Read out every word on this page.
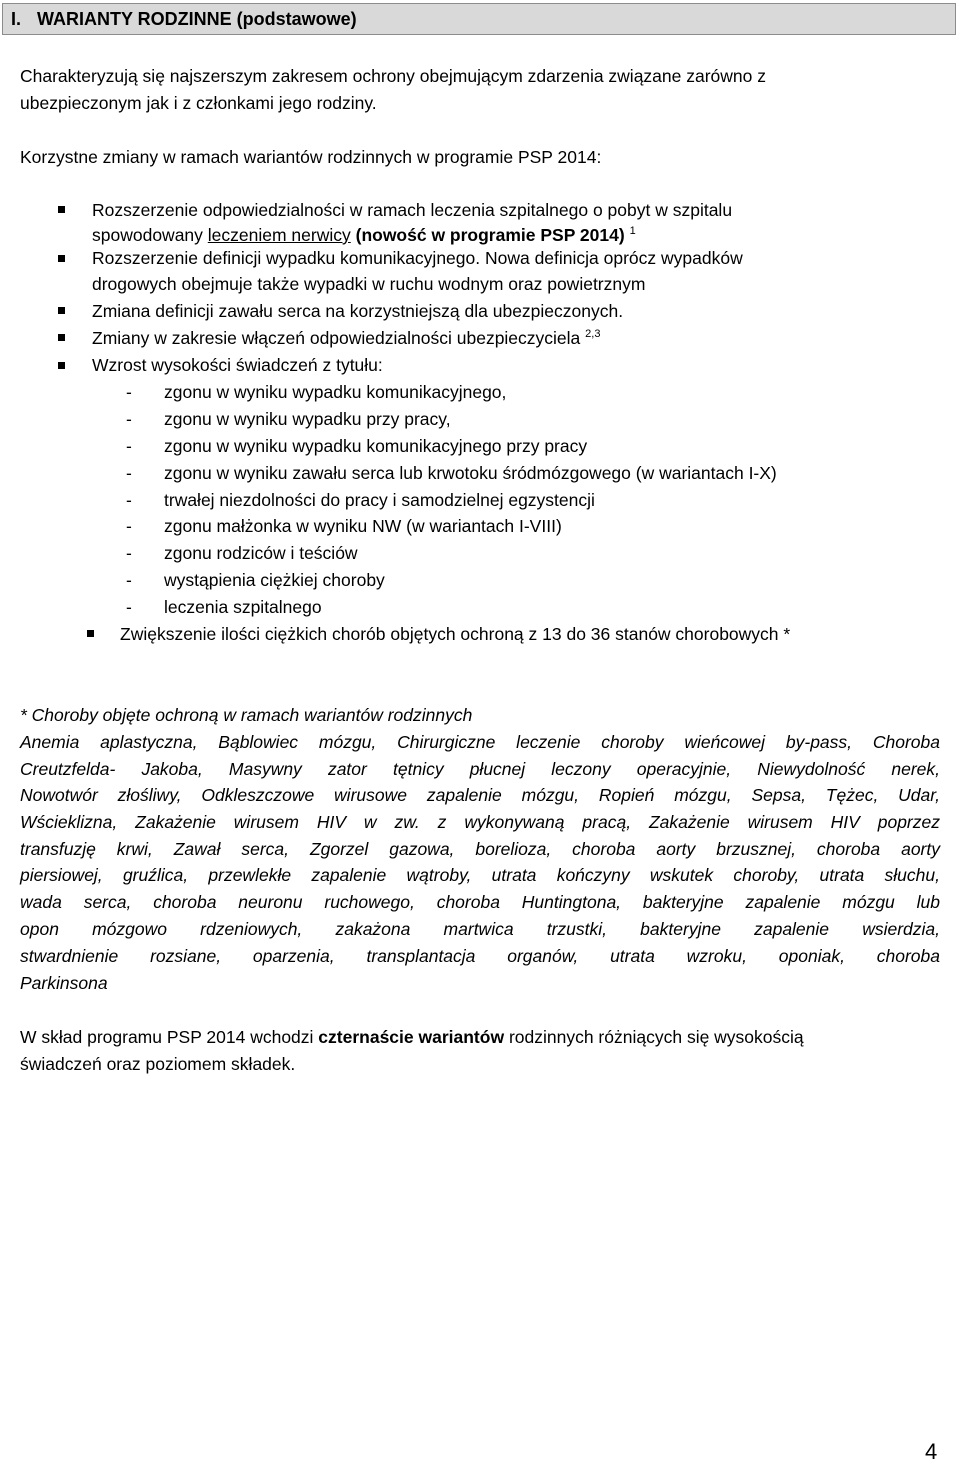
I. WARIANTY RODZINNE (podstawowe)
Charakteryzują się najszerszym zakresem ochrony obejmującym zdarzenia związane zarówno z
ubezpieczonym jak i z członkami jego rodziny.
Korzystne zmiany w ramach wariantów rodzinnych w programie PSP 2014:
Rozszerzenie odpowiedzialności w ramach leczenia szpitalnego o pobyt w szpitalu
spowodowany leczeniem nerwicy (nowość w programie PSP 2014) $^1$
Rozszerzenie definicji wypadku komunikacyjnego. Nowa definicja oprócz wypadków
drogowych obejmuje także wypadki w ruchu wodnym oraz powietrznym
Zmiana definicji zawału serca na korzystniejszą dla ubezpieczonych.
Zmiany w zakresie włączeń odpowiedzialności ubezpieczyciela $^{2,3}$
Wzrost wysokości świadczeń z tytułu:
- zgonu w wyniku wypadku komunikacyjnego,
- zgonu w wyniku wypadku przy pracy,
- zgonu w wyniku wypadku komunikacyjnego przy pracy
- zgonu w wyniku zawału serca lub krwotoku śródmózgowego (w wariantach I-X)
- trwałej niezdolności do pracy i samodzielnej egzystencji
- zgonu małżonka w wyniku NW (w wariantach I-VIII)
- zgonu rodziców i teściów
- wystąpienia ciężkiej choroby
- leczenia szpitalnego
Zwiększenie ilości ciężkich chorób objętych ochroną z 13 do 36 stanów chorobowych *
* Choroby objęte ochroną w ramach wariantów rodzinnych
Anemia aplastyczna, Bąblowiec mózgu, Chirurgiczne leczenie choroby wieńcowej by-pass, Choroba
Creutzfelda- Jakoba, Masywny zator tętnicy płucnej leczony operacyjnie, Niewydolność nerek,
Nowotwór złośliwy, Odkleszczowe wirusowe zapalenie mózgu, Ropień mózgu, Sepsa, Tężec, Udar,
Wścieklizna, Zakażenie wirusem HIV w zw. z wykonywaną pracą, Zakażenie wirusem HIV poprzez
transfuzję krwi, Zawał serca, Zgorzel gazowa, borelioza, choroba aorty brzusznej, choroba aorty
piersiowej, gruźlica, przewlekłe zapalenie wątroby, utrata kończyny wskutek choroby, utrata słuchu,
wada serca, choroba neuronu ruchowego, choroba Huntingtona, bakteryjne zapalenie mózgu lub
opon mózgowo rdzeniowych, zakażona martwica trzustki, bakteryjne zapalenie wsierdzia,
stwardnienie rozsiane, oparzenia, transplantacja organów, utrata wzroku, oponiak, choroba
Parkinsona
W skład programu PSP 2014 wchodzi czternaście wariantów rodzinnych różniących się wysokością
świadczeń oraz poziomem składek.
4
